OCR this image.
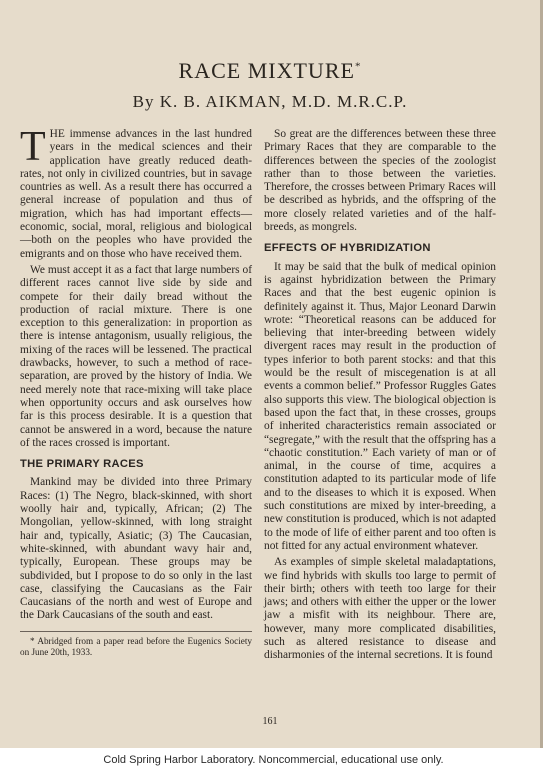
RACE MIXTURE*
By K. B. AIKMAN, M.D. M.R.C.P.

THE immense advances in the last hundred years in the medical sciences and their application have greatly reduced death-rates, not only in civilized countries, but in savage countries as well. As a result there has occurred a general increase of population and thus of migration, which has had important effects—economic, social, moral, religious and biological—both on the peoples who have provided the emigrants and on those who have received them.

We must accept it as a fact that large numbers of different races cannot live side by side and compete for their daily bread without the production of racial mixture. There is one exception to this generalization: in proportion as there is intense antagonism, usually religious, the mixing of the races will be lessened. The practical drawbacks, however, to such a method of race-separation, are proved by the history of India. We need merely note that race-mixing will take place when opportunity occurs and ask ourselves how far is this process desirable. It is a question that cannot be answered in a word, because the nature of the races crossed is important.

THE PRIMARY RACES

Mankind may be divided into three Primary Races: (1) The Negro, black-skinned, with short woolly hair and, typically, African; (2) The Mongolian, yellow-skinned, with long straight hair and, typically, Asiatic; (3) The Caucasian, white-skinned, with abundant wavy hair and, typically, European. These groups may be subdivided, but I propose to do so only in the last case, classifying the Caucasians as the Fair Caucasians of the north and west of Europe and the Dark Caucasians of the south and east.

* Abridged from a paper read before the Eugenics Society on June 20th, 1933.

So great are the differences between these three Primary Races that they are comparable to the differences between the species of the zoologist rather than to those between the varieties. Therefore, the crosses between Primary Races will be described as hybrids, and the offspring of the more closely related varieties and of the half-breeds, as mongrels.

EFFECTS OF HYBRIDIZATION

It may be said that the bulk of medical opinion is against hybridization between the Primary Races and that the best eugenic opinion is definitely against it. Thus, Major Leonard Darwin wrote: “Theoretical reasons can be adduced for believing that inter-breeding between widely divergent races may result in the production of types inferior to both parent stocks: and that this would be the result of miscegenation is at all events a common belief.” Professor Ruggles Gates also supports this view. The biological objection is based upon the fact that, in these crosses, groups of inherited characteristics remain associated or “segregate,” with the result that the offspring has a “chaotic constitution.” Each variety of man or of animal, in the course of time, acquires a constitution adapted to its particular mode of life and to the diseases to which it is exposed. When such constitutions are mixed by inter-breeding, a new constitution is produced, which is not adapted to the mode of life of either parent and too often is not fitted for any actual environment whatever.

As examples of simple skeletal maladaptations, we find hybrids with skulls too large to permit of their birth; others with teeth too large for their jaws; and others with either the upper or the lower jaw a misfit with its neighbour. There are, however, many more complicated disabilities, such as altered resistance to disease and disharmonies of the internal secretions. It is found

161
Cold Spring Harbor Laboratory. Noncommercial, educational use only.
